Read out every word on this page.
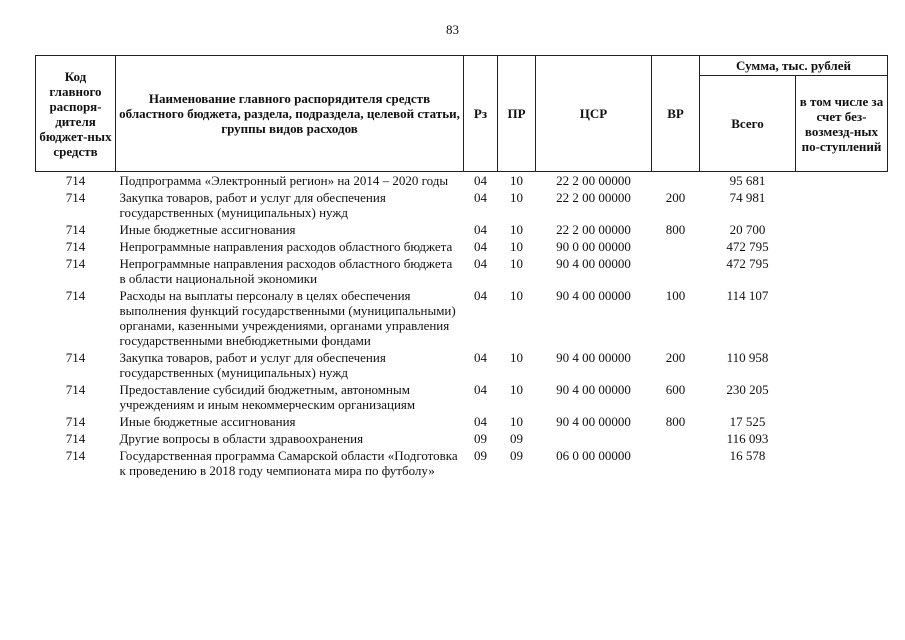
83
Код главного распоря-дителя бюджет-ных средств	Наименование главного распорядителя средств областного бюджета, раздела, подраздела, целевой статьи, группы видов расходов	Рз	ПР	ЦСР	ВР	Сумма, тыс. рублей	
						Всего	в том числе за счет без-возмезд-ных по-ступлений
714	Подпрограмма «Электронный регион» на 2014 – 2020 годы	04	10	22 2 00 00000		95 681	
714	Закупка товаров, работ и услуг для обеспечения государственных (муниципальных) нужд	04	10	22 2 00 00000	200	74 981	
714	Иные бюджетные ассигнования	04	10	22 2 00 00000	800	20 700	
714	Непрограммные направления расходов областного бюджета	04	10	90 0 00 00000		472 795	
714	Непрограммные направления расходов областного бюджета в области национальной экономики	04	10	90 4 00 00000		472 795	
714	Расходы на выплаты персоналу в целях обеспечения выполнения функций государственными (муниципальными) органами, казенными учреждениями, органами управления государственными внебюджетными фондами	04	10	90 4 00 00000	100	114 107	
714	Закупка товаров, работ и услуг для обеспечения государственных (муниципальных) нужд	04	10	90 4 00 00000	200	110 958	
714	Предоставление субсидий бюджетным, автономным учреждениям и иным некоммерческим организациям	04	10	90 4 00 00000	600	230 205	
714	Иные бюджетные ассигнования	04	10	90 4 00 00000	800	17 525	
714	Другие вопросы в области здравоохранения	09	09			116 093	
714	Государственная программа Самарской области «Подготовка к проведению в 2018 году чемпионата мира по футболу»	09	09	06 0 00 00000		16 578	
